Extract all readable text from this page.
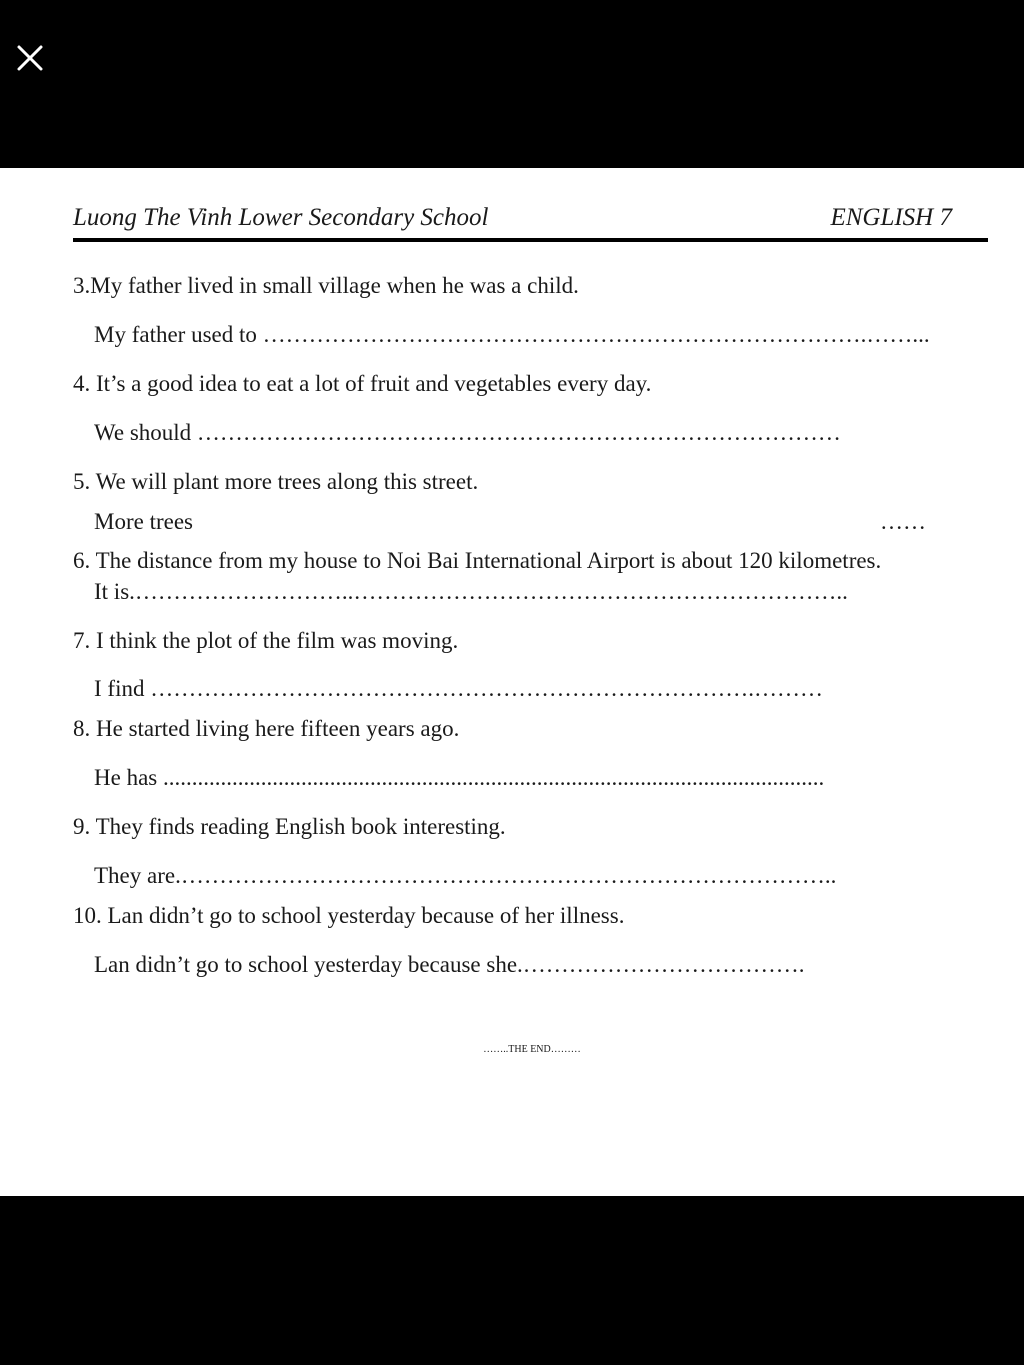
Luong The Vinh Lower Secondary School	ENGLISH 7
3.My father lived in small village when he was a child.
My father used to …………………………………………………………………….……...
4. It’s a good idea to eat a lot of fruit and vegetables every day.
We should …………………………………………………………………………
5. We will plant more trees along this street.
More trees	……
6. The distance from my house to Noi Bai International Airport is about 120 kilometres.
It is.………………………..………………………………………………………..
7. I think the plot of the film was moving.
I find …………………………………………………………………….………
8. He started living here fifteen years ago.
He has ...................................................................................................................
9. They finds reading English book interesting.
They are.…………………………………………………………………………..
10. Lan didn’t go to school yesterday because of her illness.
Lan didn’t go to school yesterday because she.……………………………….
……..THE END………
